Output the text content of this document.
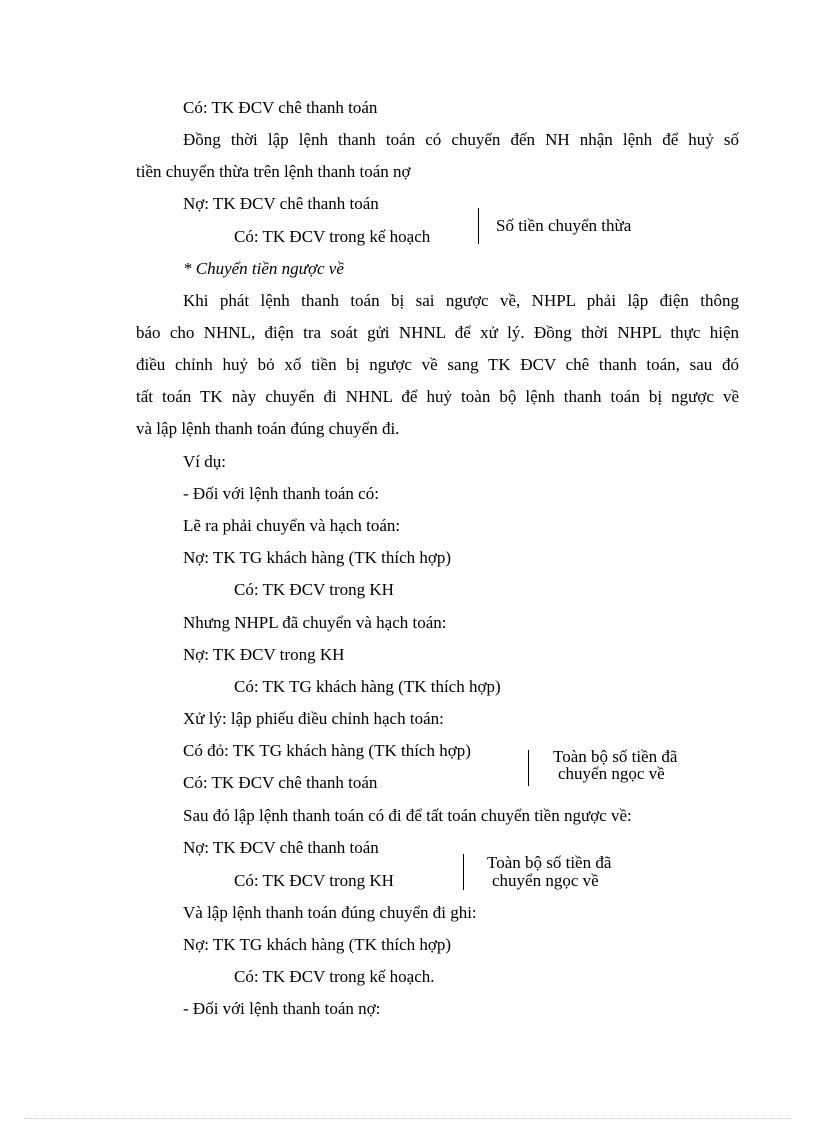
Có: TK ĐCV chê thanh toán
Đồng thời lập lệnh thanh toán có chuyển đến NH nhận lệnh để huỷ số
tiền chuyển thừa trên lệnh thanh toán nợ
Nợ: TK ĐCV chê thanh toán
Có: TK ĐCV trong kế hoạch
Số tiền chuyển thừa
* Chuyển tiền ngược về
Khi phát lệnh thanh toán bị sai ngược về, NHPL phải lập điện thông
báo cho NHNL, điện tra soát gửi NHNL để xử lý. Đồng thời NHPL thực hiện
điều chỉnh huỷ bỏ xố tiền bị ngược về sang TK ĐCV chê thanh toán, sau đó
tất toán TK này chuyển đi NHNL để huỷ toàn bộ lệnh thanh toán bị ngược về
và lập lệnh thanh toán đúng chuyển đi.
Ví dụ:
- Đối với lệnh thanh toán có:
Lẽ ra phải chuyển và hạch toán:
Nợ: TK TG khách hàng (TK thích hợp)
Có: TK ĐCV trong KH
Nhưng NHPL đã chuyển và hạch toán:
Nợ: TK ĐCV trong KH
Có: TK TG khách hàng (TK thích hợp)
Xử lý: lập phiếu điều chỉnh hạch toán:
Có đỏ: TK TG khách hàng (TK thích hợp)
Có: TK ĐCV chê thanh toán
Toàn bộ số tiền đã
chuyển ngọc về
Sau đó lập lệnh thanh toán có đi để tất toán chuyển tiền ngược về:
Nợ: TK ĐCV chê thanh toán
Có: TK ĐCV trong KH
Toàn bộ số tiền đã
chuyển ngọc về
Và lập lệnh thanh toán đúng chuyển đi ghi:
Nợ: TK TG khách hàng (TK thích hợp)
Có: TK ĐCV trong kế hoạch.
- Đối với lệnh thanh toán nợ:
